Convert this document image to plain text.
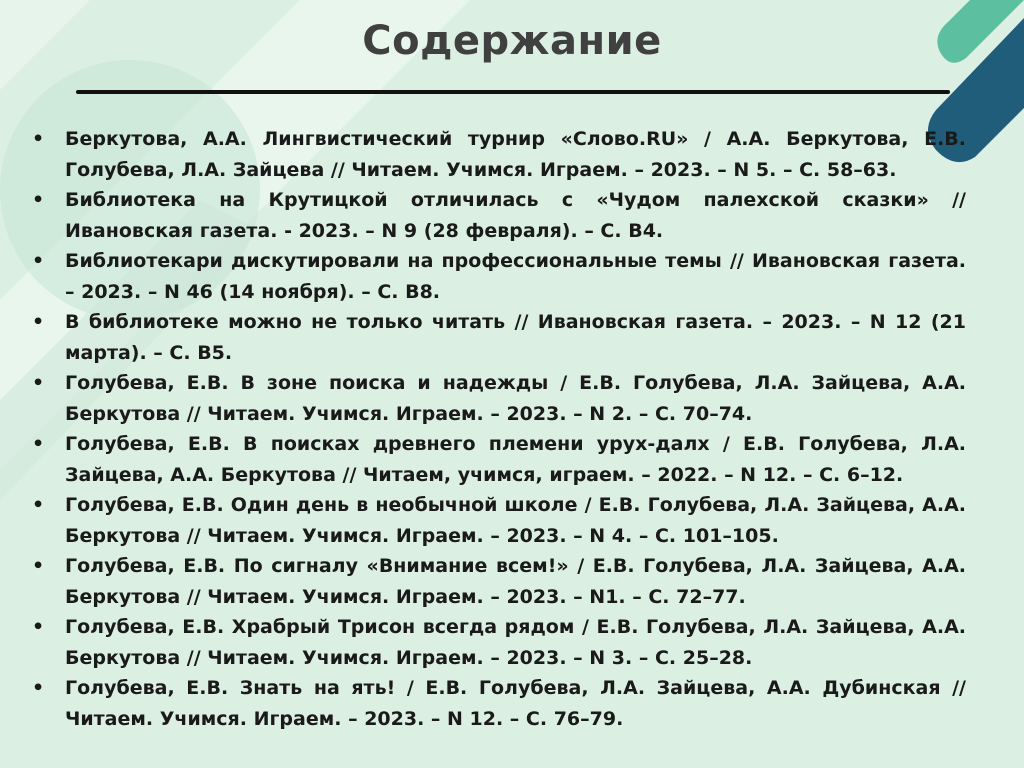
Содержание
• Беркутова, А.А. Лингвистический турнир «Слово.RU» / А.А. Беркутова, Е.В. Голубева, Л.А. Зайцева // Читаем. Учимся. Играем. – 2023. – N 5. – С. 58–63.
• Библиотека на Крутицкой отличилась с «Чудом палехской сказки» // Ивановская газета. - 2023. – N 9 (28 февраля). – С. В4.
• Библиотекари дискутировали на профессиональные темы // Ивановская газета. – 2023. – N 46 (14 ноября). – С. В8.
• В библиотеке можно не только читать // Ивановская газета. – 2023. – N 12 (21 марта). – С. В5.
• Голубева, Е.В. В зоне поиска и надежды / Е.В. Голубева, Л.А. Зайцева, А.А. Беркутова // Читаем. Учимся. Играем. – 2023. – N 2. – С. 70–74.
• Голубева, Е.В. В поисках древнего племени урух-далх / Е.В. Голубева, Л.А. Зайцева, А.А. Беркутова // Читаем, учимся, играем. – 2022. – N 12. – С. 6–12.
• Голубева, Е.В. Один день в необычной школе / Е.В. Голубева, Л.А. Зайцева, А.А. Беркутова // Читаем. Учимся. Играем. – 2023. – N 4. – С. 101–105.
• Голубева, Е.В. По сигналу «Внимание всем!» / Е.В. Голубева, Л.А. Зайцева, А.А. Беркутова // Читаем. Учимся. Играем. – 2023. – N1. – С. 72–77.
• Голубева, Е.В. Храбрый Трисон всегда рядом / Е.В. Голубева, Л.А. Зайцева, А.А. Беркутова // Читаем. Учимся. Играем. – 2023. – N 3. – С. 25–28.
• Голубева, Е.В. Знать на ять! / Е.В. Голубева, Л.А. Зайцева, А.А. Дубинская // Читаем. Учимся. Играем. – 2023. – N 12. – С. 76–79.
